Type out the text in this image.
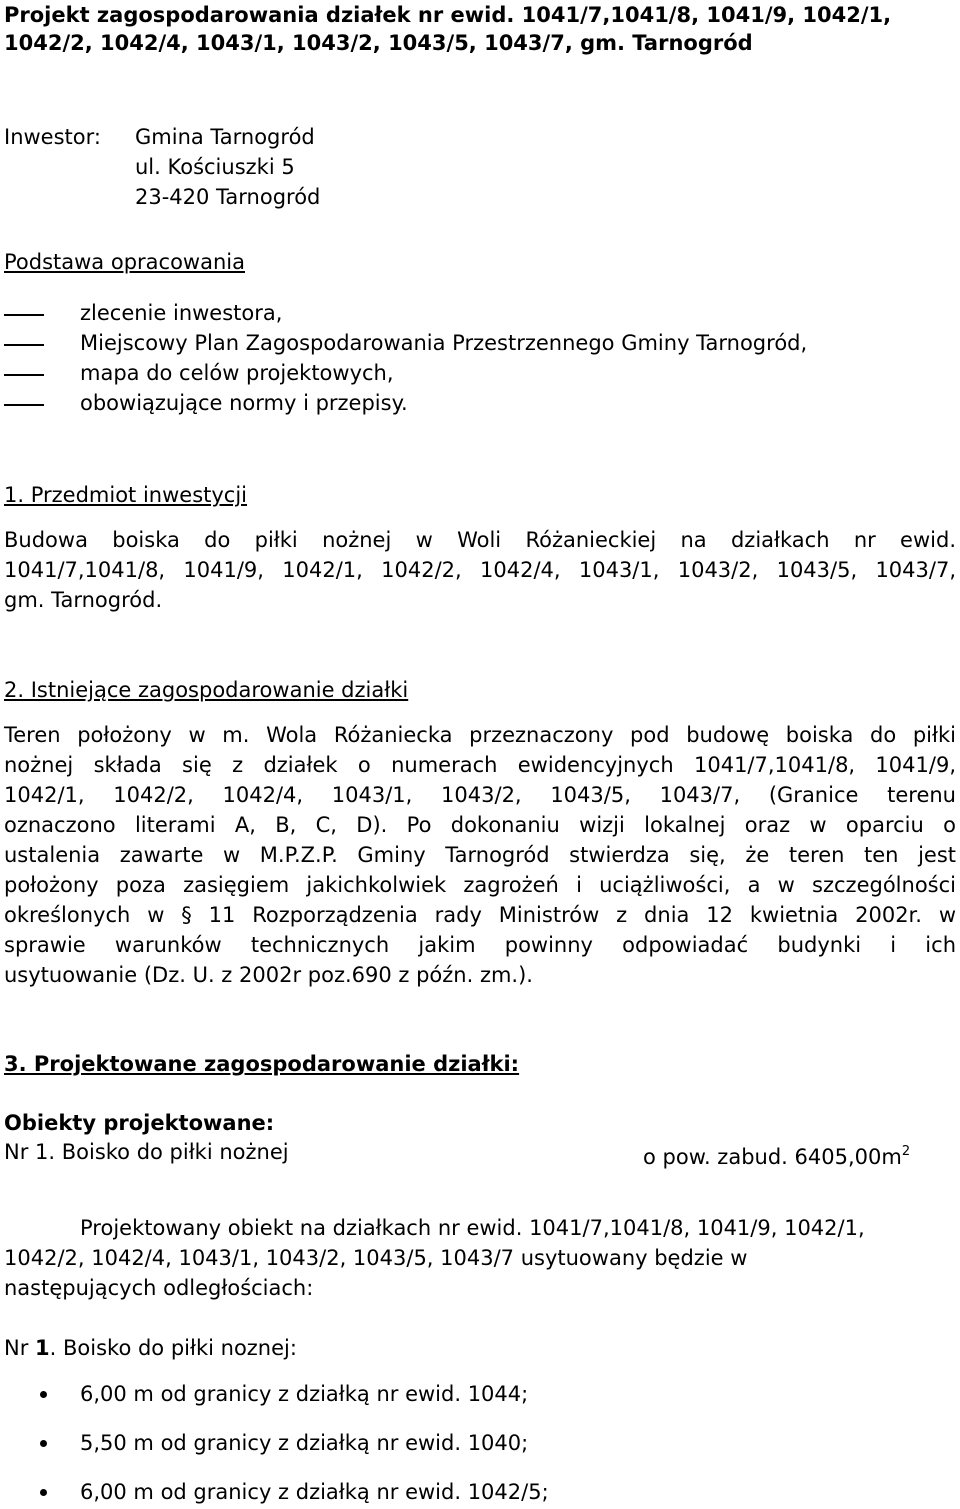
Projekt zagospodarowania działek nr ewid. 1041/7,1041/8, 1041/9, 1042/1,
1042/2, 1042/4, 1043/1, 1043/2, 1043/5, 1043/7, gm. Tarnogród
Inwestor: Gmina Tarnogród
ul. Kościuszki 5
23-420 Tarnogród
Podstawa opracowania
zlecenie inwestora,
Miejscowy Plan Zagospodarowania Przestrzennego Gminy Tarnogród,
mapa do celów projektowych,
obowiązujące normy i przepisy.
1. Przedmiot inwestycji
Budowa boiska do piłki nożnej w Woli Różanieckiej na działkach nr ewid.
1041/7,1041/8, 1041/9, 1042/1, 1042/2, 1042/4, 1043/1, 1043/2, 1043/5, 1043/7,
gm. Tarnogród.
2. Istniejące zagospodarowanie działki
Teren położony w m. Wola Różaniecka przeznaczony pod budowę boiska do piłki
nożnej składa się z działek o numerach ewidencyjnych 1041/7,1041/8, 1041/9,
1042/1, 1042/2, 1042/4, 1043/1, 1043/2, 1043/5, 1043/7, (Granice terenu
oznaczono literami A, B, C, D). Po dokonaniu wizji lokalnej oraz w oparciu o
ustalenia zawarte w M.P.Z.P. Gminy Tarnogród stwierdza się, że teren ten jest
położony poza zasięgiem jakichkolwiek zagrożeń i uciążliwości, a w szczególności
określonych w § 11 Rozporządzenia rady Ministrów z dnia 12 kwietnia 2002r. w
sprawie warunków technicznych jakim powinny odpowiadać budynki i ich
usytuowanie (Dz. U. z 2002r poz.690 z późn. zm.).
3. Projektowane zagospodarowanie działki:
Obiekty projektowane:
Nr 1. Boisko do piłki nożnej	o pow. zabud. $6405,00m^2$
Projektowany obiekt na działkach nr ewid. 1041/7,1041/8, 1041/9, 1042/1,
1042/2, 1042/4, 1043/1, 1043/2, 1043/5, 1043/7 usytuowany będzie w
następujących odległościach:
Nr 1. Boisko do piłki noznej:
6,00 m od granicy z działką nr ewid. 1044;
5,50 m od granicy z działką nr ewid. 1040;
6,00 m od granicy z działką nr ewid. 1042/5;
